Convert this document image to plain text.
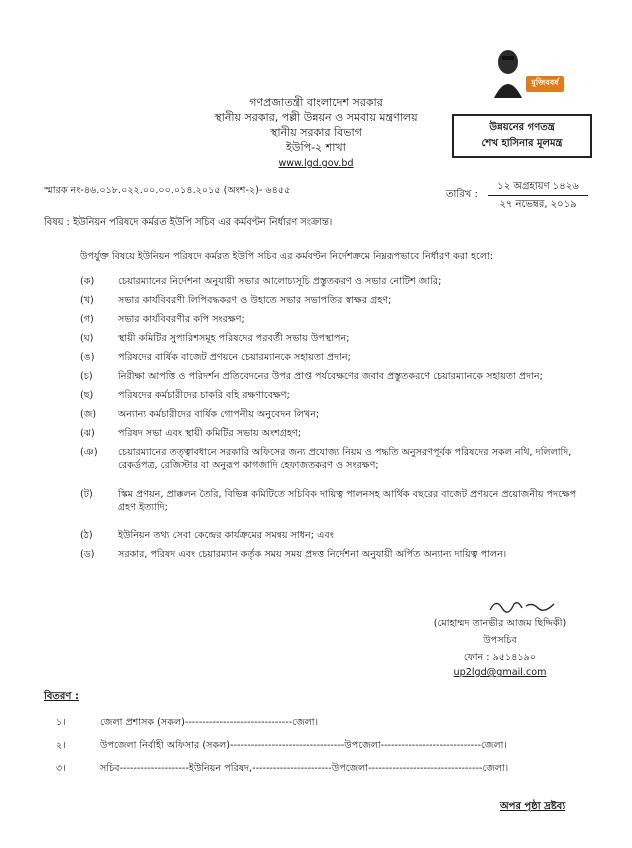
মুজিববর্ষ
গণপ্রজাতন্ত্রী বাংলাদেশ সরকার
স্থানীয় সরকার, পল্লী উন্নয়ন ও সমবায় মন্ত্রণালয়
স্থানীয় সরকার বিভাগ
ইউপি-২ শাখা
www.lgd.gov.bd
উন্নয়নের গণতন্ত্র
শেখ হাসিনার মূলমন্ত্র
স্মারক নং-৪৬.০১৮.০২২.০০.০০.০১৪.২০১৫ (অংশ-২)- ৬৪৫৫	তারিখ :
১২ অগ্রহায়ণ ১৪২৬
২৭ নভেম্বর, ২০১৯
বিষয় : ইউনিয়ন পরিষদে কর্মরত ইউপি সচিব এর কর্মবণ্টন নির্ধারণ সংক্রান্ত।
উপর্যুক্ত বিষয়ে ইউনিয়ন পরিষদে কর্মরত ইউপি সচিব এর কর্মবণ্টন নির্দেশক্রমে নিম্নরূপভাবে নির্ধারণ করা হলো:
(ক)	চেয়ারম্যানের নির্দেশনা অনুযায়ী সভার আলোচ্যসূচি প্রস্তুতকরণ ও সভার নোটিশ জারি;
(খ)	সভার কার্যবিবরণী লিপিবদ্ধকরণ ও উহাতে সভার সভাপতির স্বাক্ষর গ্রহণ;
(গ)	সভার কার্যবিবরণীর কপি সংরক্ষণ;
(ঘ)	স্থায়ী কমিটির সুপারিশসমূহ পরিষদের পরবর্তী সভায় উপস্থাপন;
(ঙ)	পরিষদের বার্ষিক বাজেট প্রণয়নে চেয়ারম্যানকে সহায়তা প্রদান;
(চ)	নিরীক্ষা আপত্তি ও পরিদর্শন প্রতিবেদনের উপর প্রাপ্ত পর্যবেক্ষণের জবাব প্রস্তুতকরণে চেয়ারম্যানকে সহায়তা প্রদান;
(ছ)	পরিষদের কর্মচারীদের চাকরি বহি রক্ষণাবেক্ষণ;
(জ)	অন্যান্য কর্মচারীদের বার্ষিক গোপনীয় অনুবেদন লিখন;
(ঝ)	পরিষদ সভা এবং স্থায়ী কমিটির সভায় অংশগ্রহণ;
(ঞ)	চেয়ারম্যানের তত্ত্বাবধানে সরকারি অফিসের জন্য প্রযোজ্য নিয়ম ও পদ্ধতি অনুসরণপূর্বক পরিষদের সকল নথি, দলিলাদি, রেকর্ডপত্র, রেজিস্টার বা অনুরূপ কাগজাদি হেফাজতকরণ ও সংরক্ষণ;
(ট)	স্কিম প্রণয়ন, প্রাক্কলন তৈরি, বিভিন্ন কমিটিতে সচিবিক দায়িত্ব পালনসহ আর্থিক বছরের বাজেট প্রণয়নে প্রয়োজনীয় পদক্ষেপ গ্রহণ ইত্যাদি;
(ঠ)	ইউনিয়ন তথ্য সেবা কেন্দ্রের কার্যক্রমের সমন্বয় সাধন; এবং
(ড)	সরকার, পরিষদ এবং চেয়ারম্যান কর্তৃক সময় সময় প্রদত্ত নির্দেশনা অনুযায়ী অর্পিত অন্যান্য দায়িত্ব পালন।
(মোহাম্মদ তানভীর আজম ছিদ্দিকী)
উপসচিব
ফোন : ৯৫১৪১৯০
up2lgd@gmail.com
বিতরণ :
১।	জেলা প্রশাসক (সকল)-------------------------------জেলা।
২।	উপজেলা নির্বাহী অফিসার (সকল)---------------------------------উপজেলা-----------------------------জেলা।
৩।	সচিব--------------------ইউনিয়ন পরিষদ,-----------------------উপজেলা---------------------------------জেলা।
অপর পৃষ্ঠা দ্রষ্টব্য
